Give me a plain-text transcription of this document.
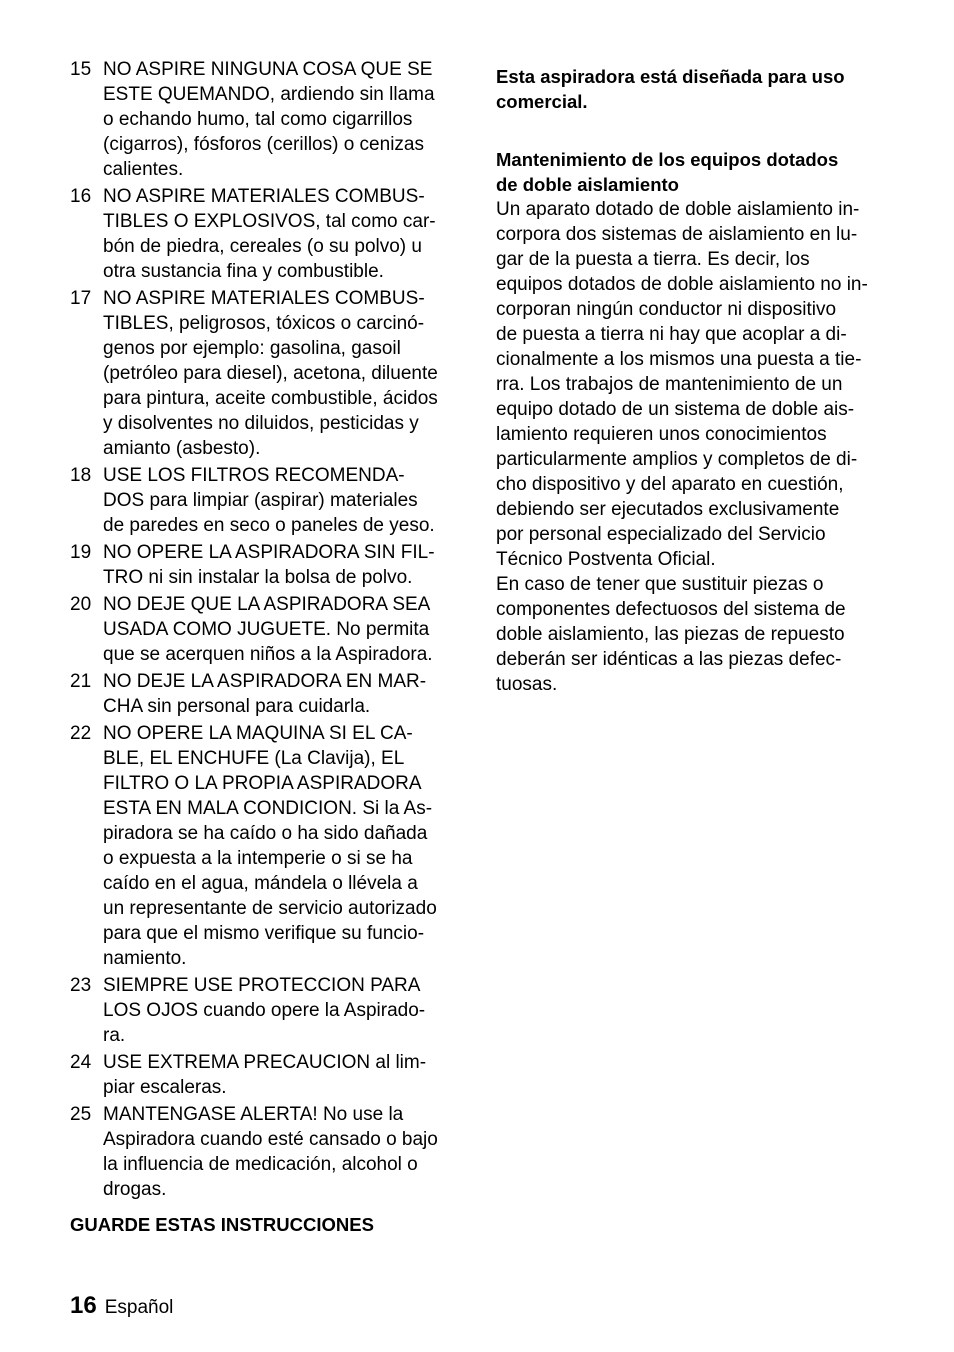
15 NO ASPIRE NINGUNA COSA QUE SE
ESTE QUEMANDO, ardiendo sin llama
o echando humo, tal como cigarrillos
(cigarros), fósforos (cerillos) o cenizas
calientes.
16 NO ASPIRE MATERIALES COMBUS-
TIBLES O EXPLOSIVOS, tal como car-
bón de piedra, cereales (o su polvo) u
otra sustancia fina y combustible.
17 NO ASPIRE MATERIALES COMBUS-
TIBLES, peligrosos, tóxicos o carcinó-
genos por ejemplo: gasolina, gasoil
(petróleo para diesel), acetona, diluente
para pintura, aceite combustible, ácidos
y disolventes no diluidos, pesticidas y
amianto (asbesto).
18 USE LOS FILTROS RECOMENDA-
DOS para limpiar (aspirar) materiales
de paredes en seco o paneles de yeso.
19 NO OPERE LA ASPIRADORA SIN FIL-
TRO ni sin instalar la bolsa de polvo.
20 NO DEJE QUE LA ASPIRADORA SEA
USADA COMO JUGUETE. No permita
que se acerquen niños a la Aspiradora.
21 NO DEJE LA ASPIRADORA EN MAR-
CHA sin personal para cuidarla.
22 NO OPERE LA MAQUINA SI EL CA-
BLE, EL ENCHUFE (La Clavija), EL
FILTRO O LA PROPIA ASPIRADORA
ESTA EN MALA CONDICION. Si la As-
piradora se ha caído o ha sido dañada
o expuesta a la intemperie o si se ha
caído en el agua, mándela o llévela a
un representante de servicio autorizado
para que el mismo verifique su funcio-
namiento.
23 SIEMPRE USE PROTECCION PARA
LOS OJOS cuando opere la Aspirado-
ra.
24 USE EXTREMA PRECAUCION al lim-
piar escaleras.
25 MANTENGASE ALERTA! No use la
Aspiradora cuando esté cansado o bajo
la influencia de medicación, alcohol o
drogas.
GUARDE ESTAS INSTRUCCIONES
Esta aspiradora está diseñada para uso
comercial.
Mantenimiento de los equipos dotados
de doble aislamiento
Un aparato dotado de doble aislamiento in-
corpora dos sistemas de aislamiento en lu-
gar de la puesta a tierra. Es decir, los
equipos dotados de doble aislamiento no in-
corporan ningún conductor ni dispositivo
de puesta a tierra ni hay que acoplar a di-
cionalmente a los mismos una puesta a tie-
rra. Los trabajos de mantenimiento de un
equipo dotado de un sistema de doble ais-
lamiento requieren unos conocimientos
particularmente amplios y completos de di-
cho dispositivo y del aparato en cuestión,
debiendo ser ejecutados exclusivamente
por personal especializado del Servicio
Técnico Postventa Oficial.
En caso de tener que sustituir piezas o
componentes defectuosos del sistema de
doble aislamiento, las piezas de repuesto
deberán ser idénticas a las piezas defec-
tuosas.
16 Español
